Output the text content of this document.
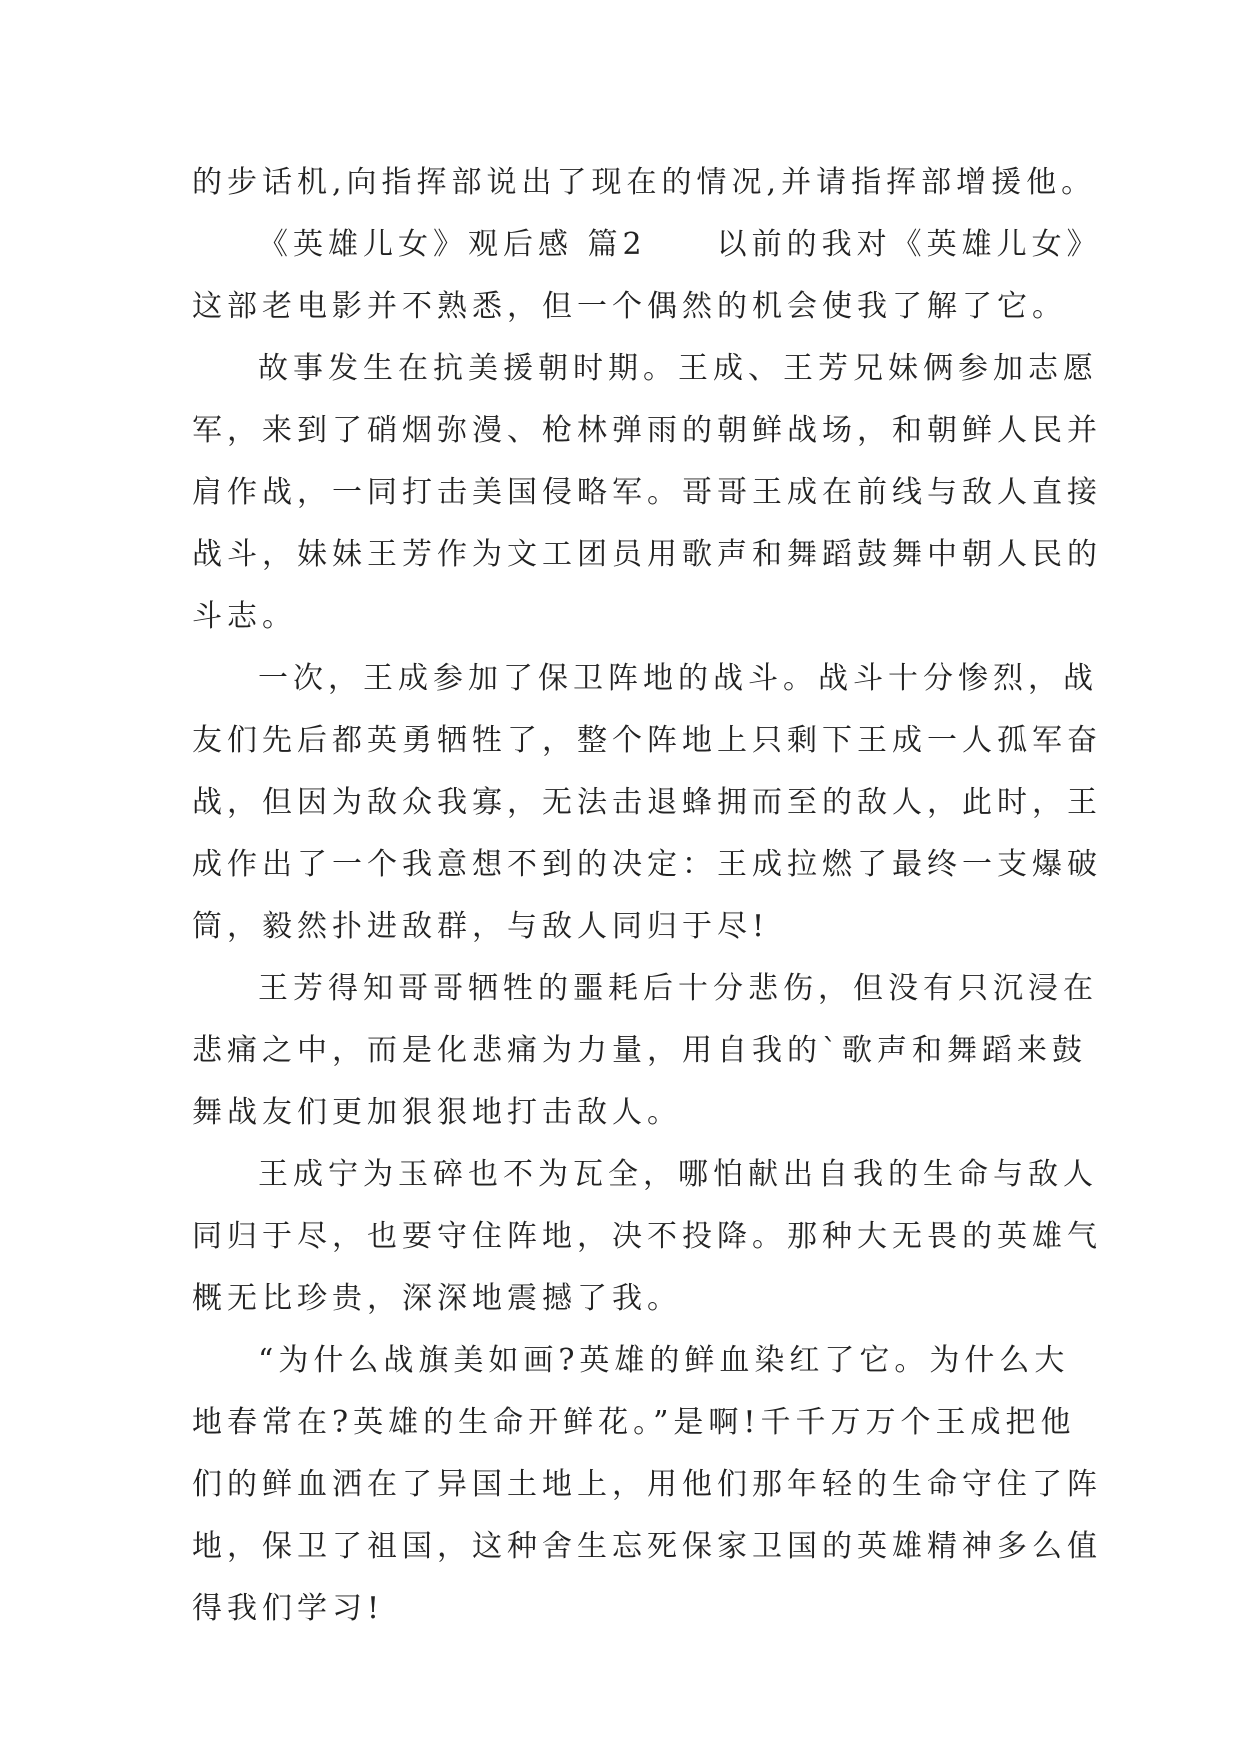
的步话机,向指挥部说出了现在的情况,并请指挥部增援他。
《英雄儿女》观后感 篇2　　以前的我对《英雄儿女》
这部老电影并不熟悉，但一个偶然的机会使我了解了它。
故事发生在抗美援朝时期。王成、王芳兄妹俩参加志愿
军，来到了硝烟弥漫、枪林弹雨的朝鲜战场，和朝鲜人民并
肩作战，一同打击美国侵略军。哥哥王成在前线与敌人直接
战斗，妹妹王芳作为文工团员用歌声和舞蹈鼓舞中朝人民的
斗志。
一次，王成参加了保卫阵地的战斗。战斗十分惨烈，战
友们先后都英勇牺牲了，整个阵地上只剩下王成一人孤军奋
战，但因为敌众我寡，无法击退蜂拥而至的敌人，此时，王
成作出了一个我意想不到的决定：王成拉燃了最终一支爆破
筒，毅然扑进敌群，与敌人同归于尽!
王芳得知哥哥牺牲的噩耗后十分悲伤，但没有只沉浸在
悲痛之中，而是化悲痛为力量，用自我的`歌声和舞蹈来鼓
舞战友们更加狠狠地打击敌人。
王成宁为玉碎也不为瓦全，哪怕献出自我的生命与敌人
同归于尽，也要守住阵地，决不投降。那种大无畏的英雄气
概无比珍贵，深深地震撼了我。
“为什么战旗美如画?英雄的鲜血染红了它。为什么大
地春常在?英雄的生命开鲜花。”是啊!千千万万个王成把他
们的鲜血洒在了异国土地上，用他们那年轻的生命守住了阵
地，保卫了祖国，这种舍生忘死保家卫国的英雄精神多么值
得我们学习!
